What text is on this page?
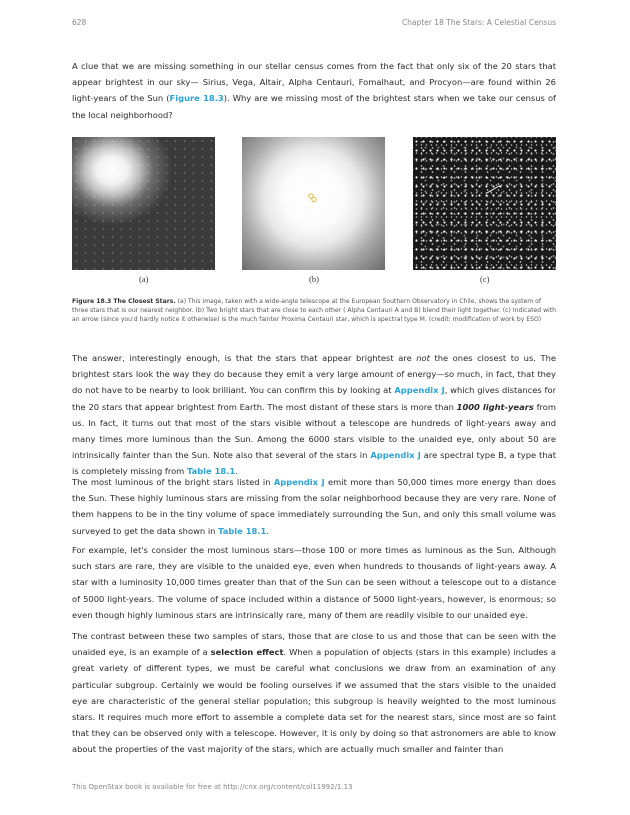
628	Chapter 18 The Stars: A Celestial Census

A clue that we are missing something in our stellar census comes from the fact that only six of the 20 stars that appear brightest in our sky— Sirius, Vega, Altair, Alpha Centauri, Fomalhaut, and Procyon—are found within 26 light-years of the Sun (Figure 18.3). Why are we missing most of the brightest stars when we take our census of the local neighborhood?

(a)	(b)	(c)

Figure 18.3 The Closest Stars. (a) This image, taken with a wide-angle telescope at the European Southern Observatory in Chile, shows the system of three stars that is our nearest neighbor. (b) Two bright stars that are close to each other ( Alpha Centauri A and B) blend their light together. (c) Indicated with an arrow (since you'd hardly notice it otherwise) is the much fainter Proxima Centauri star, which is spectral type M. (credit: modification of work by ESO)

The answer, interestingly enough, is that the stars that appear brightest are not the ones closest to us. The brightest stars look the way they do because they emit a very large amount of energy—so much, in fact, that they do not have to be nearby to look brilliant. You can confirm this by looking at Appendix J, which gives distances for the 20 stars that appear brightest from Earth. The most distant of these stars is more than 1000 light-years from us. In fact, it turns out that most of the stars visible without a telescope are hundreds of light-years away and many times more luminous than the Sun. Among the 6000 stars visible to the unaided eye, only about 50 are intrinsically fainter than the Sun. Note also that several of the stars in Appendix J are spectral type B, a type that is completely missing from Table 18.1.

The most luminous of the bright stars listed in Appendix J emit more than 50,000 times more energy than does the Sun. These highly luminous stars are missing from the solar neighborhood because they are very rare. None of them happens to be in the tiny volume of space immediately surrounding the Sun, and only this small volume was surveyed to get the data shown in Table 18.1.

For example, let's consider the most luminous stars—those 100 or more times as luminous as the Sun. Although such stars are rare, they are visible to the unaided eye, even when hundreds to thousands of light-years away. A star with a luminosity 10,000 times greater than that of the Sun can be seen without a telescope out to a distance of 5000 light-years. The volume of space included within a distance of 5000 light-years, however, is enormous; so even though highly luminous stars are intrinsically rare, many of them are readily visible to our unaided eye.

The contrast between these two samples of stars, those that are close to us and those that can be seen with the unaided eye, is an example of a selection effect. When a population of objects (stars in this example) includes a great variety of different types, we must be careful what conclusions we draw from an examination of any particular subgroup. Certainly we would be fooling ourselves if we assumed that the stars visible to the unaided eye are characteristic of the general stellar population; this subgroup is heavily weighted to the most luminous stars. It requires much more effort to assemble a complete data set for the nearest stars, since most are so faint that they can be observed only with a telescope. However, it is only by doing so that astronomers are able to know about the properties of the vast majority of the stars, which are actually much smaller and fainter than

This OpenStax book is available for free at http://cnx.org/content/col11992/1.13
